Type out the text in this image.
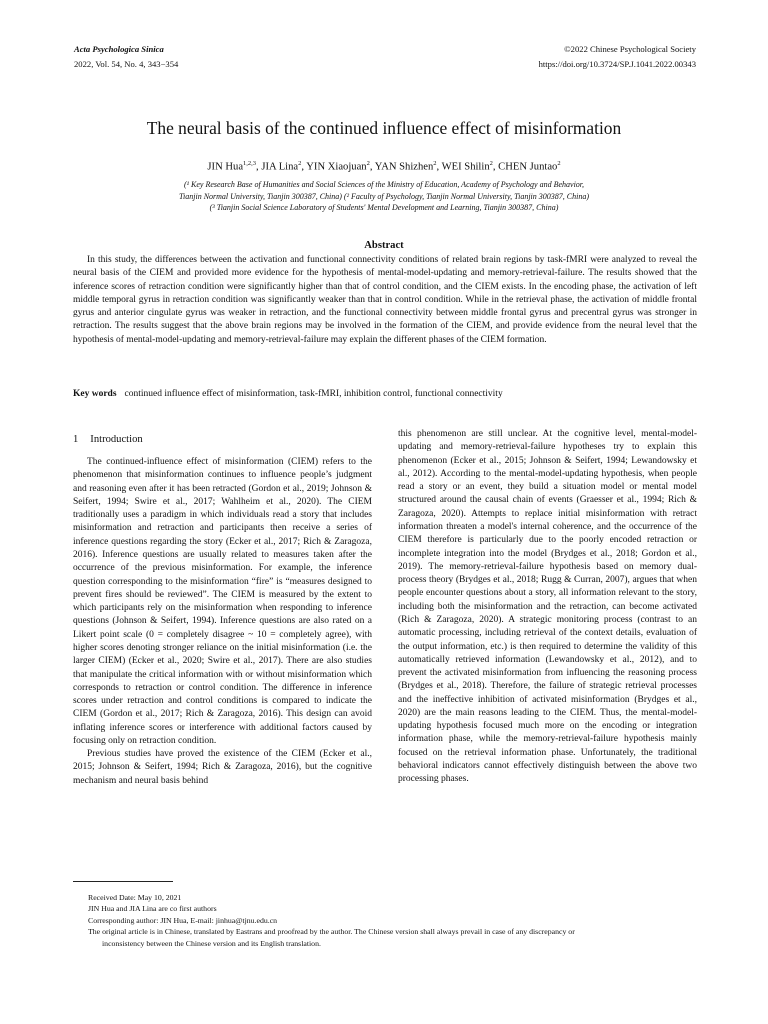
Acta Psychologica Sinica
2022, Vol. 54, No. 4, 343−354
©2022 Chinese Psychological Society
https://doi.org/10.3724/SP.J.1041.2022.00343
The neural basis of the continued influence effect of misinformation
JIN Hua$^{1,2,3}$, JIA Lina$^2$, YIN Xiaojuan$^2$, YAN Shizhen$^2$, WEI Shilin$^2$, CHEN Juntao$^2$
(¹ Key Research Base of Humanities and Social Sciences of the Ministry of Education, Academy of Psychology and Behavior,
Tianjin Normal University, Tianjin 300387, China) (² Faculty of Psychology, Tianjin Normal University, Tianjin 300387, China)
(³ Tianjin Social Science Laboratory of Students' Mental Development and Learning, Tianjin 300387, China)
Abstract
In this study, the differences between the activation and functional connectivity conditions of related brain regions by task-fMRI were analyzed to reveal the neural basis of the CIEM and provided more evidence for the hypothesis of mental-model-updating and memory-retrieval-failure. The results showed that the inference scores of retraction condition were significantly higher than that of control condition, and the CIEM exists. In the encoding phase, the activation of left middle temporal gyrus in retraction condition was significantly weaker than that in control condition. While in the retrieval phase, the activation of middle frontal gyrus and anterior cingulate gyrus was weaker in retraction, and the functional connectivity between middle frontal gyrus and precentral gyrus was stronger in retraction. The results suggest that the above brain regions may be involved in the formation of the CIEM, and provide evidence from the neural level that the hypothesis of mental-model-updating and memory-retrieval-failure may explain the different phases of the CIEM formation.
Key words continued influence effect of misinformation, task-fMRI, inhibition control, functional connectivity
1 Introduction

The continued-influence effect of misinformation (CIEM) refers to the phenomenon that misinformation continues to influence people’s judgment and reasoning even after it has been retracted (Gordon et al., 2019; Johnson & Seifert, 1994; Swire et al., 2017; Wahlheim et al., 2020). The CIEM traditionally uses a paradigm in which individuals read a story that includes misinformation and retraction and participants then receive a series of inference questions regarding the story (Ecker et al., 2017; Rich & Zaragoza, 2016). Inference questions are usually related to measures taken after the occurrence of the previous misinformation. For example, the inference question corresponding to the misinformation “fire” is “measures designed to prevent fires should be reviewed”. The CIEM is measured by the extent to which participants rely on the misinformation when responding to inference questions (Johnson & Seifert, 1994). Inference questions are also rated on a Likert point scale (0 = completely disagree ~ 10 = completely agree), with higher scores denoting stronger reliance on the initial misinformation (i.e. the larger CIEM) (Ecker et al., 2020; Swire et al., 2017). There are also studies that manipulate the critical information with or without misinformation which corresponds to retraction or control condition. The difference in inference scores under retraction and control conditions is compared to indicate the CIEM (Gordon et al., 2017; Rich & Zaragoza, 2016). This design can avoid inflating inference scores or interference with additional factors caused by focusing only on retraction condition.

Previous studies have proved the existence of the CIEM (Ecker et al., 2015; Johnson & Seifert, 1994; Rich & Zaragoza, 2016), but the cognitive mechanism and neural basis behind

this phenomenon are still unclear. At the cognitive level, mental-model-updating and memory-retrieval-failure hypotheses try to explain this phenomenon (Ecker et al., 2015; Johnson & Seifert, 1994; Lewandowsky et al., 2012). According to the mental-model-updating hypothesis, when people read a story or an event, they build a situation model or mental model structured around the causal chain of events (Graesser et al., 1994; Rich & Zaragoza, 2020). Attempts to replace initial misinformation with retract information threaten a model's internal coherence, and the occurrence of the CIEM therefore is particularly due to the poorly encoded retraction or incomplete integration into the model (Brydges et al., 2018; Gordon et al., 2019). The memory-retrieval-failure hypothesis based on memory dual-process theory (Brydges et al., 2018; Rugg & Curran, 2007), argues that when people encounter questions about a story, all information relevant to the story, including both the misinformation and the retraction, can become activated (Rich & Zaragoza, 2020). A strategic monitoring process (contrast to an automatic processing, including retrieval of the context details, evaluation of the output information, etc.) is then required to determine the validity of this automatically retrieved information (Lewandowsky et al., 2012), and to prevent the activated misinformation from influencing the reasoning process (Brydges et al., 2018). Therefore, the failure of strategic retrieval processes and the ineffective inhibition of activated misinformation (Brydges et al., 2020) are the main reasons leading to the CIEM. Thus, the mental-model-updating hypothesis focused much more on the encoding or integration information phase, while the memory-retrieval-failure hypothesis mainly focused on the retrieval information phase. Unfortunately, the traditional behavioral indicators cannot effectively distinguish between the above two processing phases.

Received Date: May 10, 2021
JIN Hua and JIA Lina are co first authors
Corresponding author: JIN Hua, E-mail: jinhua@tjnu.edu.cn
The original article is in Chinese, translated by Eastrans and proofread by the author. The Chinese version shall always prevail in case of any discrepancy or
inconsistency between the Chinese version and its English translation.
